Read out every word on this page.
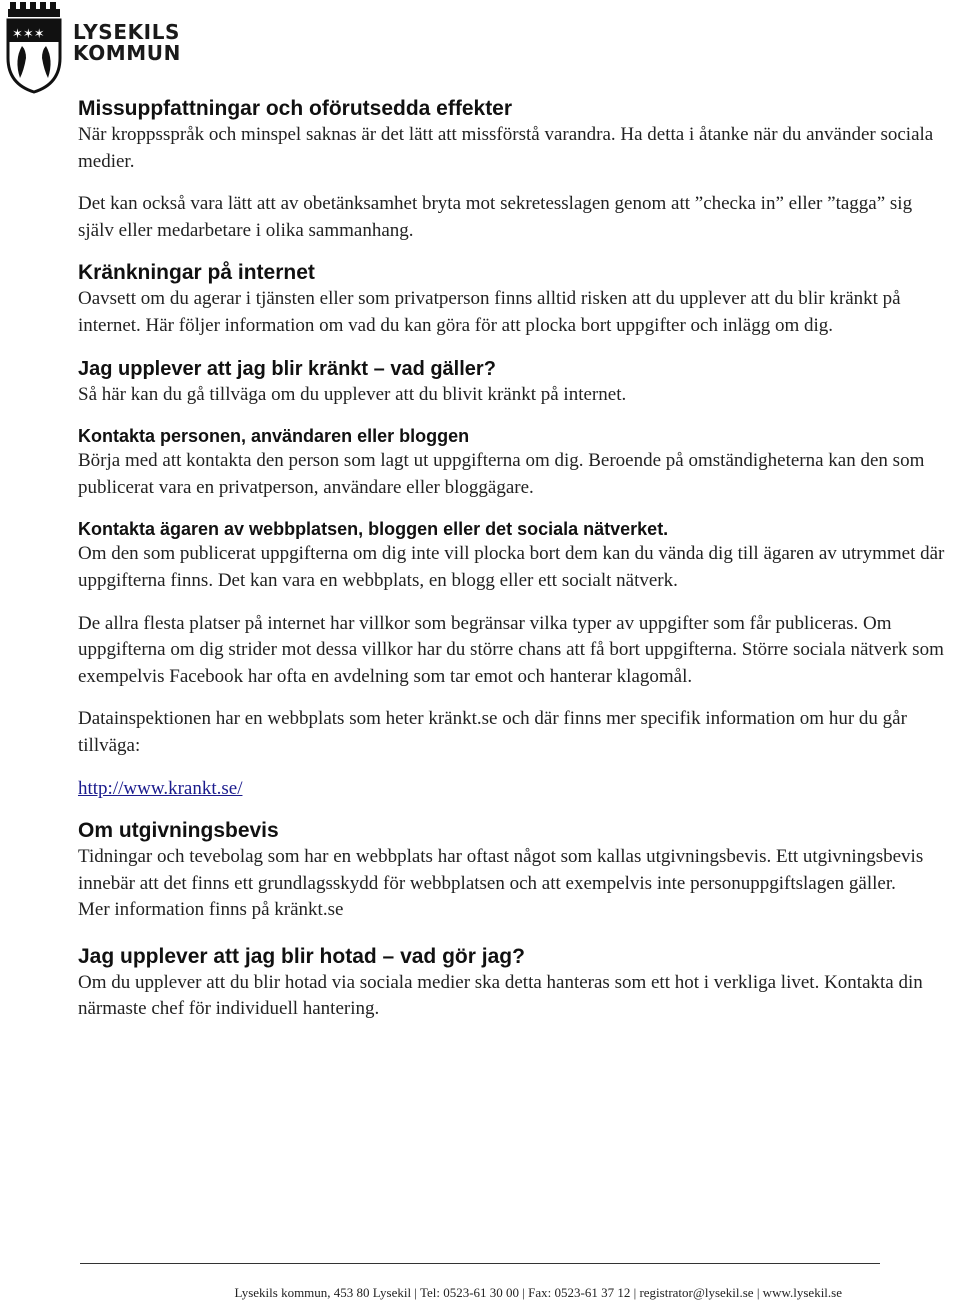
✶✶✶ LYSEKILS
KOMMUN
Missuppfattningar och oförutsedda effekter

När kroppsspråk och minspel saknas är det lätt att missförstå varandra. Ha detta i åtanke när du använder sociala medier.

Det kan också vara lätt att av obetänksamhet bryta mot sekretesslagen genom att ”checka in” eller ”tagga” sig själv eller medarbetare i olika sammanhang.

Kränkningar på internet

Oavsett om du agerar i tjänsten eller som privatperson finns alltid risken att du upplever att du blir kränkt på internet. Här följer information om vad du kan göra för att plocka bort uppgifter och inlägg om dig.

Jag upplever att jag blir kränkt – vad gäller?

Så här kan du gå tillväga om du upplever att du blivit kränkt på internet.

Kontakta personen, användaren eller bloggen

Börja med att kontakta den person som lagt ut uppgifterna om dig. Beroende på omständigheterna kan den som publicerat vara en privatperson, användare eller bloggägare.

Kontakta ägaren av webbplatsen, bloggen eller det sociala nätverket.

Om den som publicerat uppgifterna om dig inte vill plocka bort dem kan du vända dig till ägaren av utrymmet där uppgifterna finns. Det kan vara en webbplats, en blogg eller ett socialt nätverk.

De allra flesta platser på internet har villkor som begränsar vilka typer av uppgifter som får publiceras. Om uppgifterna om dig strider mot dessa villkor har du större chans att få bort uppgifterna. Större sociala nätverk som exempelvis Facebook har ofta en avdelning som tar emot och hanterar klagomål.

Datainspektionen har en webbplats som heter kränkt.se och där finns mer specifik information om hur du går tillväga:

http://www.krankt.se/

Om utgivningsbevis

Tidningar och tevebolag som har en webbplats har oftast något som kallas utgivningsbevis. Ett utgivningsbevis innebär att det finns ett grundlagsskydd för webbplatsen och att exempelvis inte personuppgiftslagen gäller.

Mer information finns på kränkt.se

Jag upplever att jag blir hotad – vad gör jag?

Om du upplever att du blir hotad via sociala medier ska detta hanteras som ett hot i verkliga livet. Kontakta din närmaste chef för individuell hantering.

Lysekils kommun, 453 80 Lysekil | Tel: 0523-61 30 00 | Fax: 0523-61 37 12 | registrator@lysekil.se | www.lysekil.se
